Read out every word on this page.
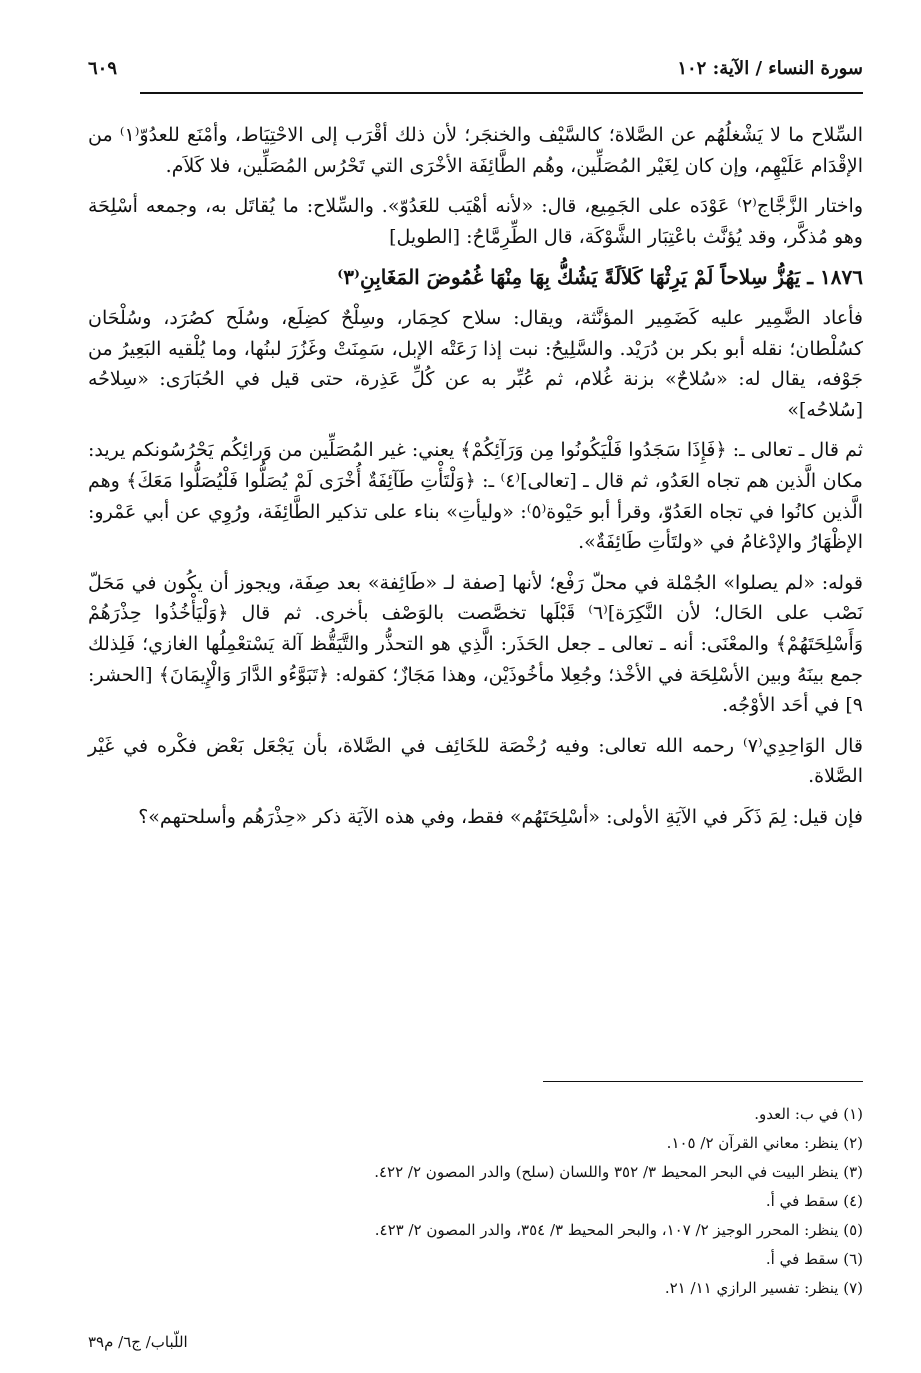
سورة النساء / الآية: ١٠٢
٦٠٩

السِّلاح ما لا يَشْغلُهُم عن الصَّلاة؛ كالسَّيْف والخنجَر؛ لأن ذلك أقْرَب إلى الاحْتِيَاط، وأمْنَع للعدُوّ⁽١⁾ من الإقْدَام عَلَيْهِم، وإن كان لِغَيْر المُصَلِّين، وهُم الطَّائِفَة الأخْرَى التي تَحْرُس المُصَلِّين، فلا كَلاَم.

واختار الزَّجَّاج⁽٢⁾ عَوْدَه على الجَمِيع، قال: «لأنه أهْيَب للعَدُوّ». والسِّلاح: ما يُقاتَل به، وجمعه أسْلِحَة وهو مُذكَّر، وقد يُؤنَّث باعْتِبَار الشَّوْكَة، قال الطِّرِمَّاحُ: [الطويل]

١٨٧٦ ـ يَهُزُّ سِلاحاً لَمْ يَرِثْهَا كَلاَلَةً يَشُكُّ بِهَا مِنْهَا غُمُوضَ المَغَابِنِ⁽٣⁾

فأعاد الضَّمِير عليه كَضَمِير المؤنَّثة، ويقال: سلاح كحِمَار، وسِلْحٌ كضِلَع، وسُلَح كصُرَد، وسُلْحَان كسُلْطان؛ نقله أبو بكر بن دُرَيْد. والسَّلِيحُ: نبت إذا رَعَتْه الإبل، سَمِنَتْ وغَزُرَ لبنُها، وما يُلْقيه البَعِيرُ من جَوْفه، يقال له: «سُلاحٌ» بزنة غُلام، ثم عُبِّر به عن كُلِّ عَذِرة، حتى قيل في الحُبَارَى: «سِلاحُه [سُلاحُه]»

ثم قال ـ تعالى ـ: ﴿فَإِذَا سَجَدُوا فَلْيَكُونُوا مِن وَرَآئِكُمْ﴾ يعني: غير المُصَلِّين من وَرائِكُم يَحْرُسُونكم يريد: مكان الَّذين هم تجاه العَدُو، ثم قال ـ [تعالى]⁽٤⁾ ـ: ﴿وَلْتَأْتِ طَآئِفَةٌ أُخْرَى لَمْ يُصَلُّوا فَلْيُصَلُّوا مَعَكَ﴾ وهم الَّذين كانُوا في تجاه العَدُوّ، وقرأ أبو حَيْوة⁽٥⁾: «وليأتِ» بناء على تذكير الطَّائِفَة، ورُوِي عن أبي عَمْرو: الإظْهَارُ والإدْغامُ في «ولتَأتِ طَائِفَةٌ».

قوله: «لم يصلوا» الجُمْلة في محلّ رَفْع؛ لأنها [صفة لـ «طَائِفة» بعد صِفَة، ويجوز أن يكُون في مَحَلّ نَصْب على الحَال؛ لأن النَّكِرَة]⁽٦⁾ قَبْلَها تخصَّصت بالوَصْف بأخرى. ثم قال ﴿وَلْيَأْخُذُوا حِذْرَهُمْ وَأَسْلِحَتَهُمْ﴾ والمعْنَى: أنه ـ تعالى ـ جعل الحَذَر: الَّذِي هو التحذُّر والتَّيَقُّظ آلة يَسْتعْمِلُها الغازي؛ فَلِذلك جمع بينَهُ وبين الأسْلِحَة في الأخْذ؛ وجُعِلا مأخُوذَيْن، وهذا مَجَازٌ؛ كقوله: ﴿تَبَوَّءُو الدَّارَ وَالْإِيمَانَ﴾ [الحشر: ٩] في أحَد الأوْجُه.

قال الوَاحِدِي⁽٧⁾ رحمه الله تعالى: وفيه رُخْصَة للخَائِف في الصَّلاة، بأن يَجْعَل بَعْض فكْره في غَيْر الصَّلاة.

فإن قيل: لِمَ ذَكَر في الآيَةِ الأولى: «أسْلِحَتَهُم» فقط، وفي هذه الآيَة ذكر «حِذْرَهُم وأسلحتهم»؟

(١) في ب: العدو.

(٢) ينظر: معاني القرآن ٢/ ١٠٥.

(٣) ينظر البيت في البحر المحيط ٣/ ٣٥٢ واللسان (سلح) والدر المصون ٢/ ٤٢٢.

(٤) سقط في أ.

(٥) ينظر: المحرر الوجيز ٢/ ١٠٧، والبحر المحيط ٣/ ٣٥٤، والدر المصون ٢/ ٤٢٣.

(٦) سقط في أ.

(٧) ينظر: تفسير الرازي ١١/ ٢١.

اللّباب/ ج٦/ م٣٩
